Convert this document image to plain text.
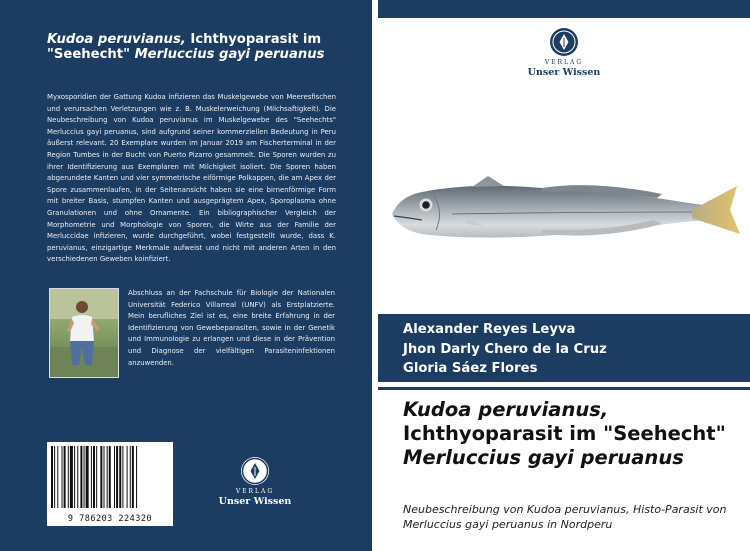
Kudoa peruvianus, Ichthyoparasit im "Seehecht" Merluccius gayi peruanus
Myxosporidien der Gattung Kudoa infizieren das Muskelgewebe von Meeresfischen und verursachen Verletzungen wie z. B. Muskelerweichung (Milchsaftigkeit). Die Neubeschreibung von Kudoa peruvianus im Muskelgewebe des "Seehechts" Merluccius gayi peruanus, sind aufgrund seiner kommerziellen Bedeutung in Peru äußerst relevant. 20 Exemplare wurden im Januar 2019 am Fischerterminal in der Region Tumbes in der Bucht von Puerto Pizarro gesammelt. Die Sporen wurden zu ihrer Identifizierung aus Exemplaren mit Milchigkeit isoliert. Die Sporen haben abgerundete Kanten und vier symmetrische eiförmige Polkappen, die am Apex der Spore zusammenlaufen, in der Seitenansicht haben sie eine birnenförmige Form mit breiter Basis, stumpfen Kanten und ausgeprägtem Apex, Sporoplasma ohne Granulationen und ohne Ornamente. Ein bibliographischer Vergleich der Morphometrie und Morphologie von Sporen, die Wirte aus der Familie der Merluccidae infizieren, wurde durchgeführt, wobei festgestellt wurde, dass K. peruvianus, einzigartige Merkmale aufweist und nicht mit anderen Arten in den verschiedenen Geweben koinfiziert.
Abschluss an der Fachschule für Biologie der Nationalen Universität Federico Villarreal (UNFV) als Erstplatzierte. Mein berufliches Ziel ist es, eine breite Erfahrung in der Identifizierung von Gewebeparasiten, sowie in der Genetik und Immunologie zu erlangen und diese in der Prävention und Diagnose der vielfältigen Parasiteninfektionen anzuwenden.
9 786203 224320
VERLAG
Unser Wissen
VERLAG
Unser Wissen
Alexander Reyes Leyva
Jhon Darly Chero de la Cruz
Gloria Sáez Flores
Kudoa peruvianus, Ichthyoparasit im "Seehecht" Merluccius gayi peruanus
Neubeschreibung von Kudoa peruvianus, Histo-Parasit von Merluccius gayi peruanus in Nordperu
